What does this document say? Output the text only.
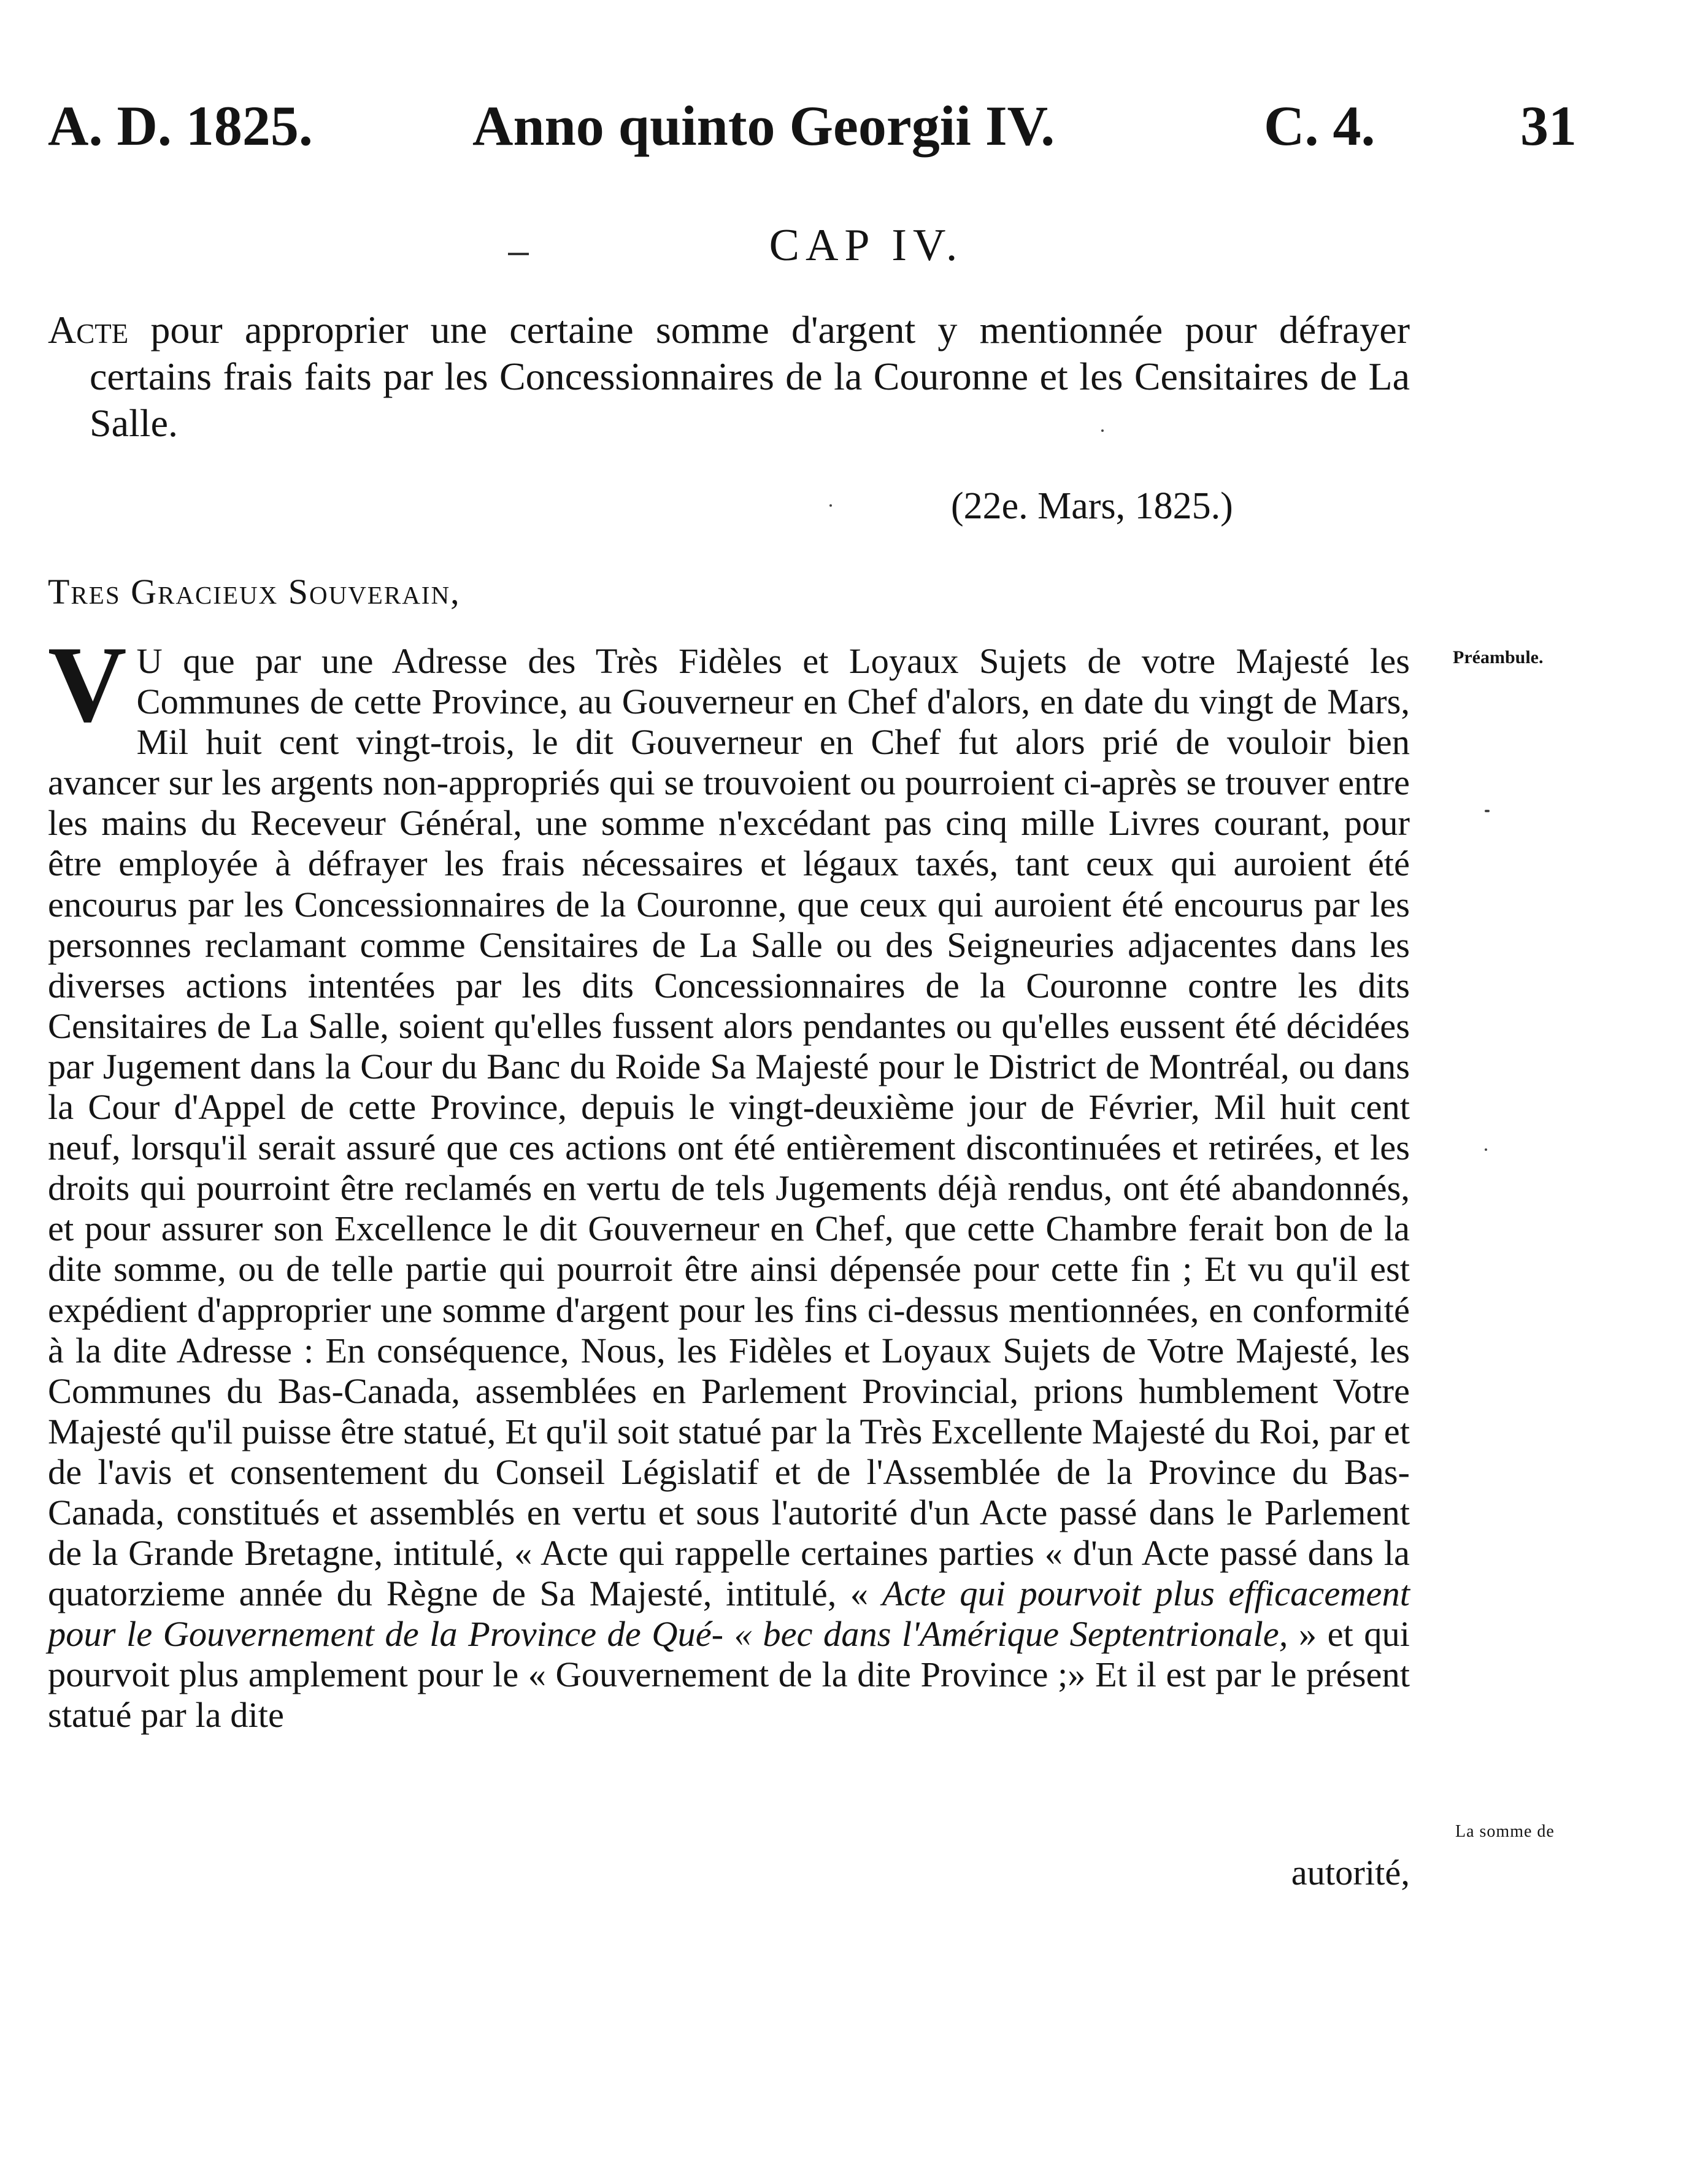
A. D. 1825.	Anno quinto Georgii IV.	C. 4.	31
CAP IV.
Acte pour approprier une certaine somme d'argent y mentionnée pour défrayer certains frais faits par les Concessionnaires de la Couronne et les Censitaires de La Salle.
(22e. Mars, 1825.)
Tres Gracieux Souverain,
V U que par une Adresse des Très Fidèles et Loyaux Sujets de votre Majesté les Communes de cette Province, au Gouverneur en Chef d'alors, en date du vingt de Mars, Mil huit cent vingt-trois, le dit Gouverneur en Chef fut alors prié de vouloir bien avancer sur les argents non-appropriés qui se trouvoient ou pourroient ci-après se trouver entre les mains du Receveur Général, une somme n'excédant pas cinq mille Livres courant, pour être employée à défrayer les frais nécessaires et légaux taxés, tant ceux qui auroient été encourus par les Concessionnaires de la Couronne, que ceux qui auroient été encourus par les personnes reclamant comme Censitaires de La Salle ou des Seigneuries adjacentes dans les diverses actions intentées par les dits Concessionnaires de la Couronne contre les dits Censitaires de La Salle, soient qu'elles fussent alors pendantes ou qu'elles eussent été décidées par Jugement dans la Cour du Banc du Roide Sa Majesté pour le District de Montréal, ou dans la Cour d'Appel de cette Province, depuis le vingt-deuxième jour de Février, Mil huit cent neuf, lorsqu'il serait assuré que ces actions ont été entièrement discontinuées et retirées, et les droits qui pourroint être reclamés en vertu de tels Jugements déjà rendus, ont été abandonnés, et pour assurer son Excellence le dit Gouverneur en Chef, que cette Chambre ferait bon de la dite somme, ou de telle partie qui pourroit être ainsi dépensée pour cette fin ; Et vu qu'il est expédient d'approprier une somme d'argent pour les fins ci-dessus mentionnées, en conformité à la dite Adresse : En conséquence, Nous, les Fidèles et Loyaux Sujets de Votre Majesté, les Communes du Bas-Canada, assemblées en Parlement Provincial, prions humblement Votre Majesté qu'il puisse être statué, Et qu'il soit statué par la Très Excellente Majesté du Roi, par et de l'avis et consentement du Conseil Législatif et de l'Assemblée de la Province du Bas-Canada, constitués et assemblés en vertu et sous l'autorité d'un Acte passé dans le Parlement de la Grande Bretagne, intitulé, « Acte qui rappelle certaines parties « d'un Acte passé dans la quatorzieme année du Règne de Sa Majesté, intitulé, « Acte qui pourvoit plus efficacement pour le Gouvernement de la Province de Qué- « bec dans l'Amérique Septentrionale, » et qui pourvoit plus amplement pour le « Gouvernement de la dite Province ;» Et il est par le présent statué par la dite
autorité,
Préambule.
La somme de
